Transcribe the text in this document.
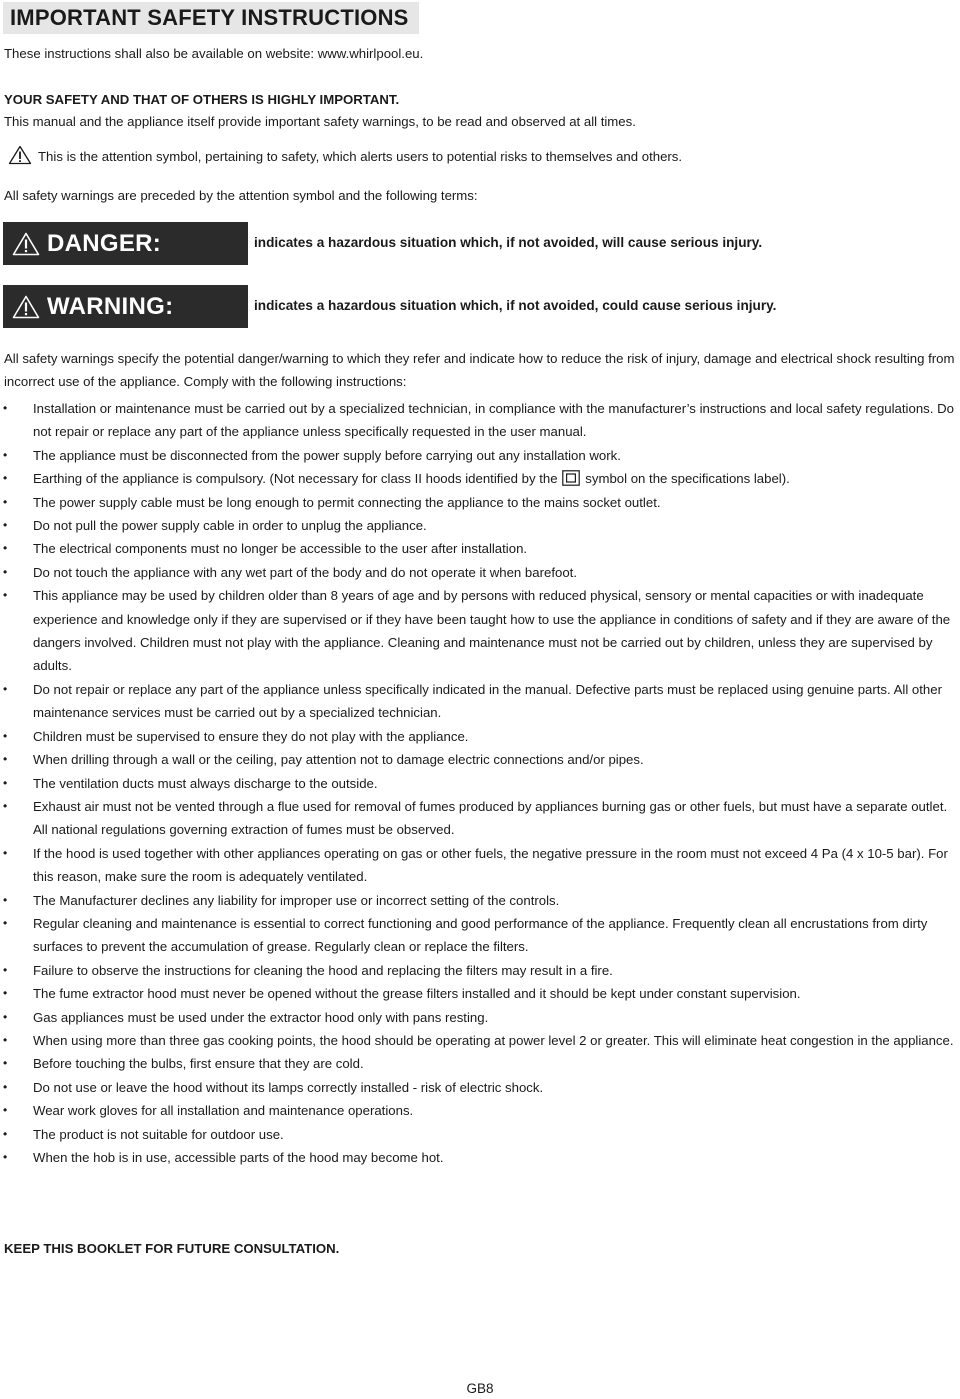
IMPORTANT SAFETY INSTRUCTIONS
These instructions shall also be available on website: www.whirlpool.eu.
YOUR SAFETY AND THAT OF OTHERS IS HIGHLY IMPORTANT.
This manual and the appliance itself provide important safety warnings, to be read and observed at all times.
This is the attention symbol, pertaining to safety, which alerts users to potential risks to themselves and others.
All safety warnings are preceded by the attention symbol and the following terms:
DANGER:	indicates a hazardous situation which, if not avoided, will cause serious injury.
WARNING:	indicates a hazardous situation which, if not avoided, could cause serious injury.

All safety warnings specify the potential danger/warning to which they refer and indicate how to reduce the risk of injury, damage and electrical shock resulting from incorrect use of the appliance. Comply with the following instructions:

• Installation or maintenance must be carried out by a specialized technician, in compliance with the manufacturer’s instructions and local safety regulations. Do not repair or replace any part of the appliance unless specifically requested in the user manual.
• The appliance must be disconnected from the power supply before carrying out any installation work.
• Earthing of the appliance is compulsory. (Not necessary for class II hoods identified by the symbol on the specifications label).
• The power supply cable must be long enough to permit connecting the appliance to the mains socket outlet.
• Do not pull the power supply cable in order to unplug the appliance.
• The electrical components must no longer be accessible to the user after installation.
• Do not touch the appliance with any wet part of the body and do not operate it when barefoot.
• This appliance may be used by children older than 8 years of age and by persons with reduced physical, sensory or mental capacities or with inadequate experience and knowledge only if they are supervised or if they have been taught how to use the appliance in conditions of safety and if they are aware of the dangers involved. Children must not play with the appliance. Cleaning and maintenance must not be carried out by children, unless they are supervised by adults.
• Do not repair or replace any part of the appliance unless specifically indicated in the manual. Defective parts must be replaced using genuine parts. All other maintenance services must be carried out by a specialized technician.
• Children must be supervised to ensure they do not play with the appliance.
• When drilling through a wall or the ceiling, pay attention not to damage electric connections and/or pipes.
• The ventilation ducts must always discharge to the outside.
• Exhaust air must not be vented through a flue used for removal of fumes produced by appliances burning gas or other fuels, but must have a separate outlet. All national regulations governing extraction of fumes must be observed.
• If the hood is used together with other appliances operating on gas or other fuels, the negative pressure in the room must not exceed 4 Pa (4 x 10-5 bar). For this reason, make sure the room is adequately ventilated.
• The Manufacturer declines any liability for improper use or incorrect setting of the controls.
• Regular cleaning and maintenance is essential to correct functioning and good performance of the appliance. Frequently clean all encrustations from dirty surfaces to prevent the accumulation of grease. Regularly clean or replace the filters.
• Failure to observe the instructions for cleaning the hood and replacing the filters may result in a fire.
• The fume extractor hood must never be opened without the grease filters installed and it should be kept under constant supervision.
• Gas appliances must be used under the extractor hood only with pans resting.
• When using more than three gas cooking points, the hood should be operating at power level 2 or greater. This will eliminate heat congestion in the appliance.
• Before touching the bulbs, first ensure that they are cold.
• Do not use or leave the hood without its lamps correctly installed - risk of electric shock.
• Wear work gloves for all installation and maintenance operations.
• The product is not suitable for outdoor use.
• When the hob is in use, accessible parts of the hood may become hot.
KEEP THIS BOOKLET FOR FUTURE CONSULTATION.
GB8
